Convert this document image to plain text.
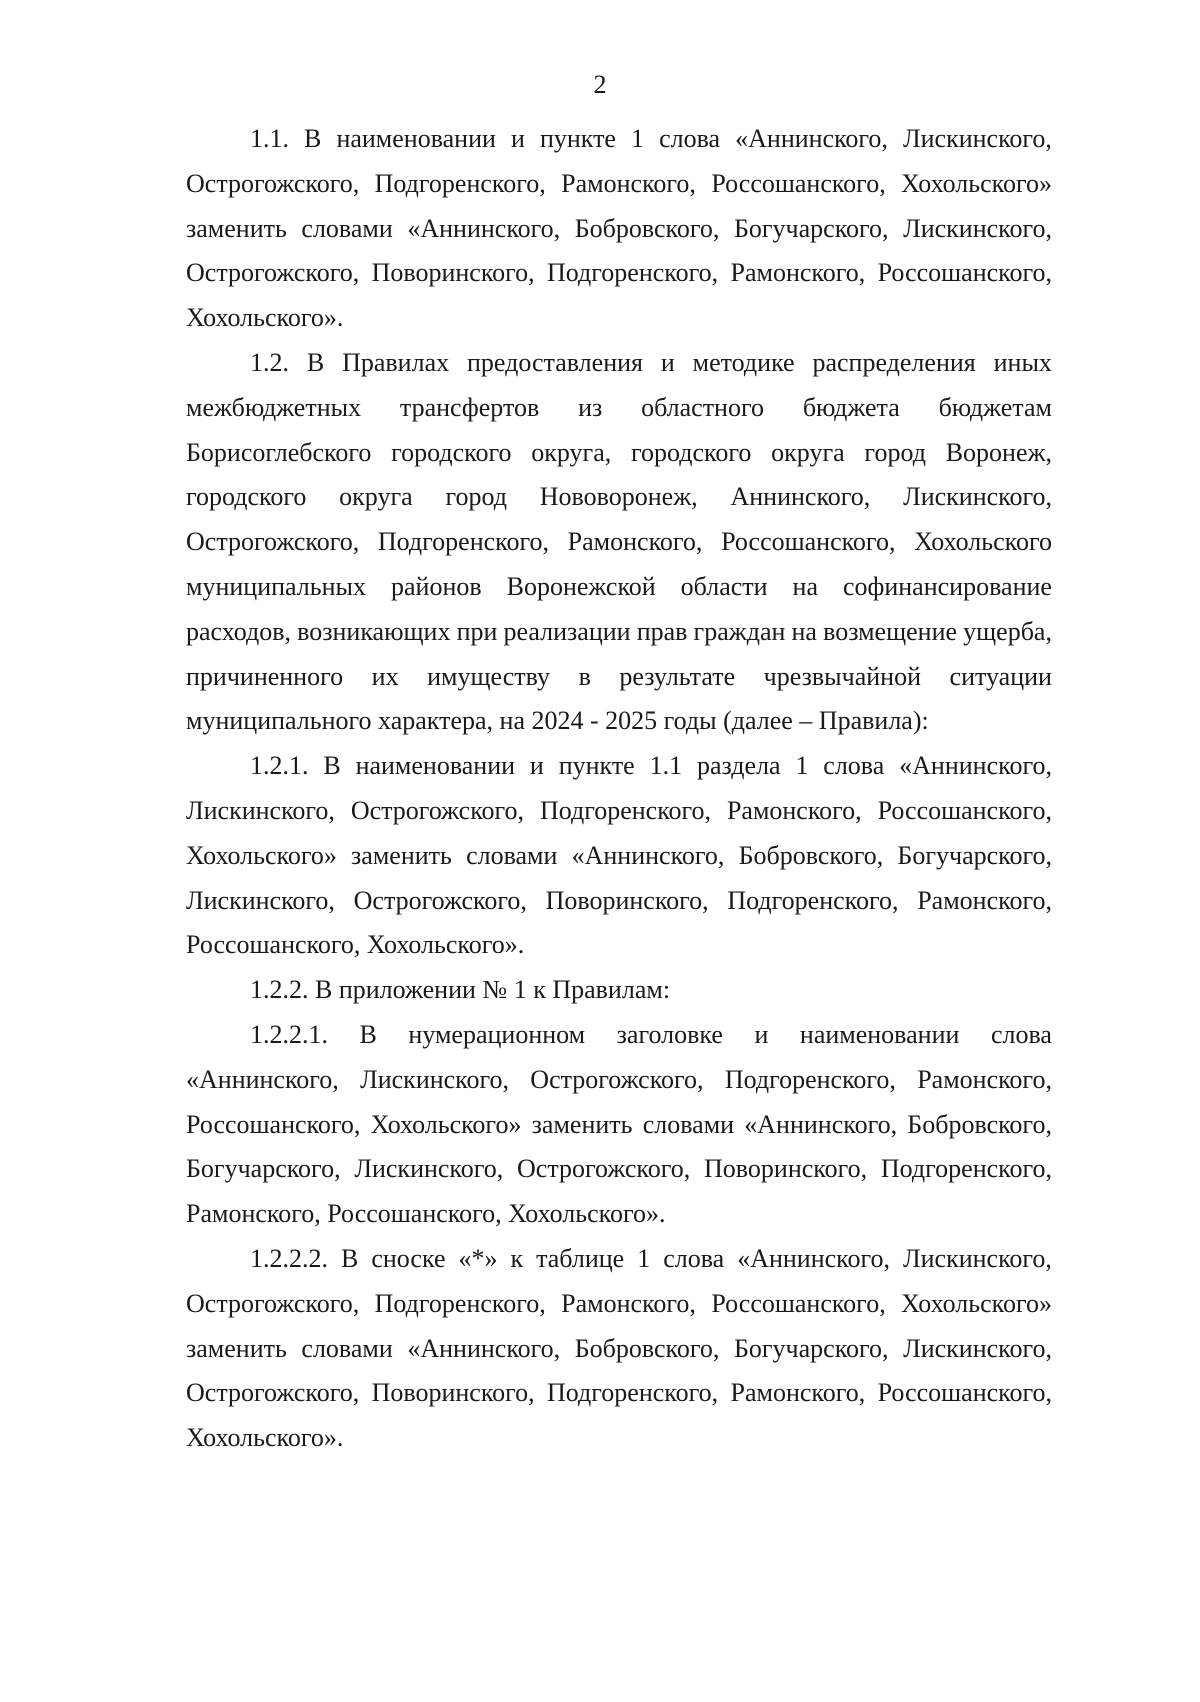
2
1.1. В наименовании и пункте 1 слова «Аннинского, Лискинского,
Острогожского, Подгоренского, Рамонского, Россошанского, Хохольского»
заменить словами «Аннинского, Бобровского, Богучарского, Лискинского,
Острогожского, Поворинского, Подгоренского, Рамонского, Россошанского,
Хохольского».
1.2. В Правилах предоставления и методике распределения иных
межбюджетных трансфертов из областного бюджета бюджетам
Борисоглебского городского округа, городского округа город Воронеж,
городского округа город Нововоронеж, Аннинского, Лискинского,
Острогожского, Подгоренского, Рамонского, Россошанского, Хохольского
муниципальных районов Воронежской области на софинансирование
расходов, возникающих при реализации прав граждан на возмещение ущерба,
причиненного их имуществу в результате чрезвычайной ситуации
муниципального характера, на 2024 - 2025 годы (далее – Правила):
1.2.1. В наименовании и пункте 1.1 раздела 1 слова «Аннинского,
Лискинского, Острогожского, Подгоренского, Рамонского, Россошанского,
Хохольского» заменить словами «Аннинского, Бобровского, Богучарского,
Лискинского, Острогожского, Поворинского, Подгоренского, Рамонского,
Россошанского, Хохольского».
1.2.2. В приложении № 1 к Правилам:
1.2.2.1. В нумерационном заголовке и наименовании слова
«Аннинского, Лискинского, Острогожского, Подгоренского, Рамонского,
Россошанского, Хохольского» заменить словами «Аннинского, Бобровского,
Богучарского, Лискинского, Острогожского, Поворинского, Подгоренского,
Рамонского, Россошанского, Хохольского».
1.2.2.2. В сноске «*» к таблице 1 слова «Аннинского, Лискинского,
Острогожского, Подгоренского, Рамонского, Россошанского, Хохольского»
заменить словами «Аннинского, Бобровского, Богучарского, Лискинского,
Острогожского, Поворинского, Подгоренского, Рамонского, Россошанского,
Хохольского».
